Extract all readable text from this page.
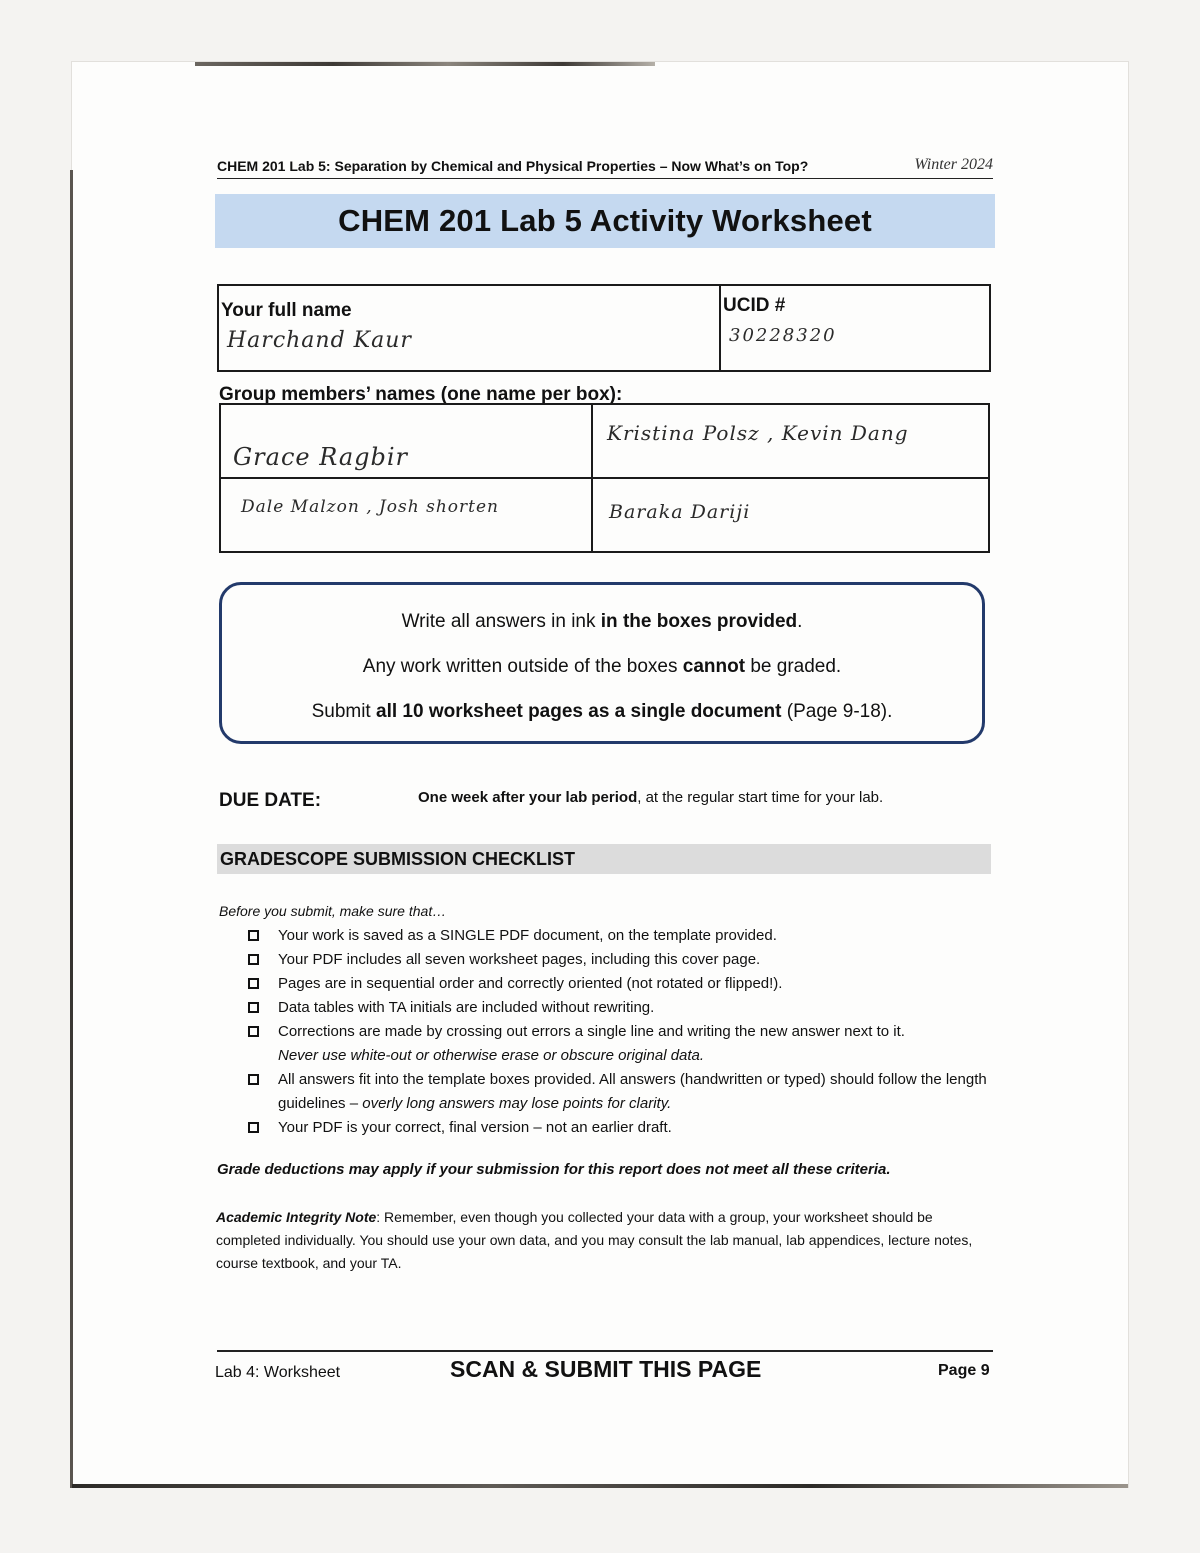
CHEM 201 Lab 5: Separation by Chemical and Physical Properties – Now What’s on Top?	Winter 2024
CHEM 201 Lab 5 Activity Worksheet
Your full name
Harchand Kaur

UCID #
30228320
Group members’ names (one name per box):
Grace Ragbir	Kristina Polsz , Kevin Dang

Dale Malzon , Josh shorten	Baraka Dariji

Write all answers in ink in the boxes provided.

Any work written outside of the boxes cannot be graded.

Submit all 10 worksheet pages as a single document (Page 9-18).

DUE DATE:	One week after your lab period, at the regular start time for your lab.
GRADESCOPE SUBMISSION CHECKLIST
Before you submit, make sure that…
Your work is saved as a SINGLE PDF document, on the template provided.
Your PDF includes all seven worksheet pages, including this cover page.
Pages are in sequential order and correctly oriented (not rotated or flipped!).
Data tables with TA initials are included without rewriting.
Corrections are made by crossing out errors a single line and writing the new answer next to it.
Never use white-out or otherwise erase or obscure original data.
All answers fit into the template boxes provided. All answers (handwritten or typed) should follow the length guidelines – overly long answers may lose points for clarity.
Your PDF is your correct, final version – not an earlier draft.
Grade deductions may apply if your submission for this report does not meet all these criteria.
Academic Integrity Note: Remember, even though you collected your data with a group, your worksheet should be completed individually. You should use your own data, and you may consult the lab manual, lab appendices, lecture notes, course textbook, and your TA.
Lab 4: Worksheet	SCAN & SUBMIT THIS PAGE	Page 9
